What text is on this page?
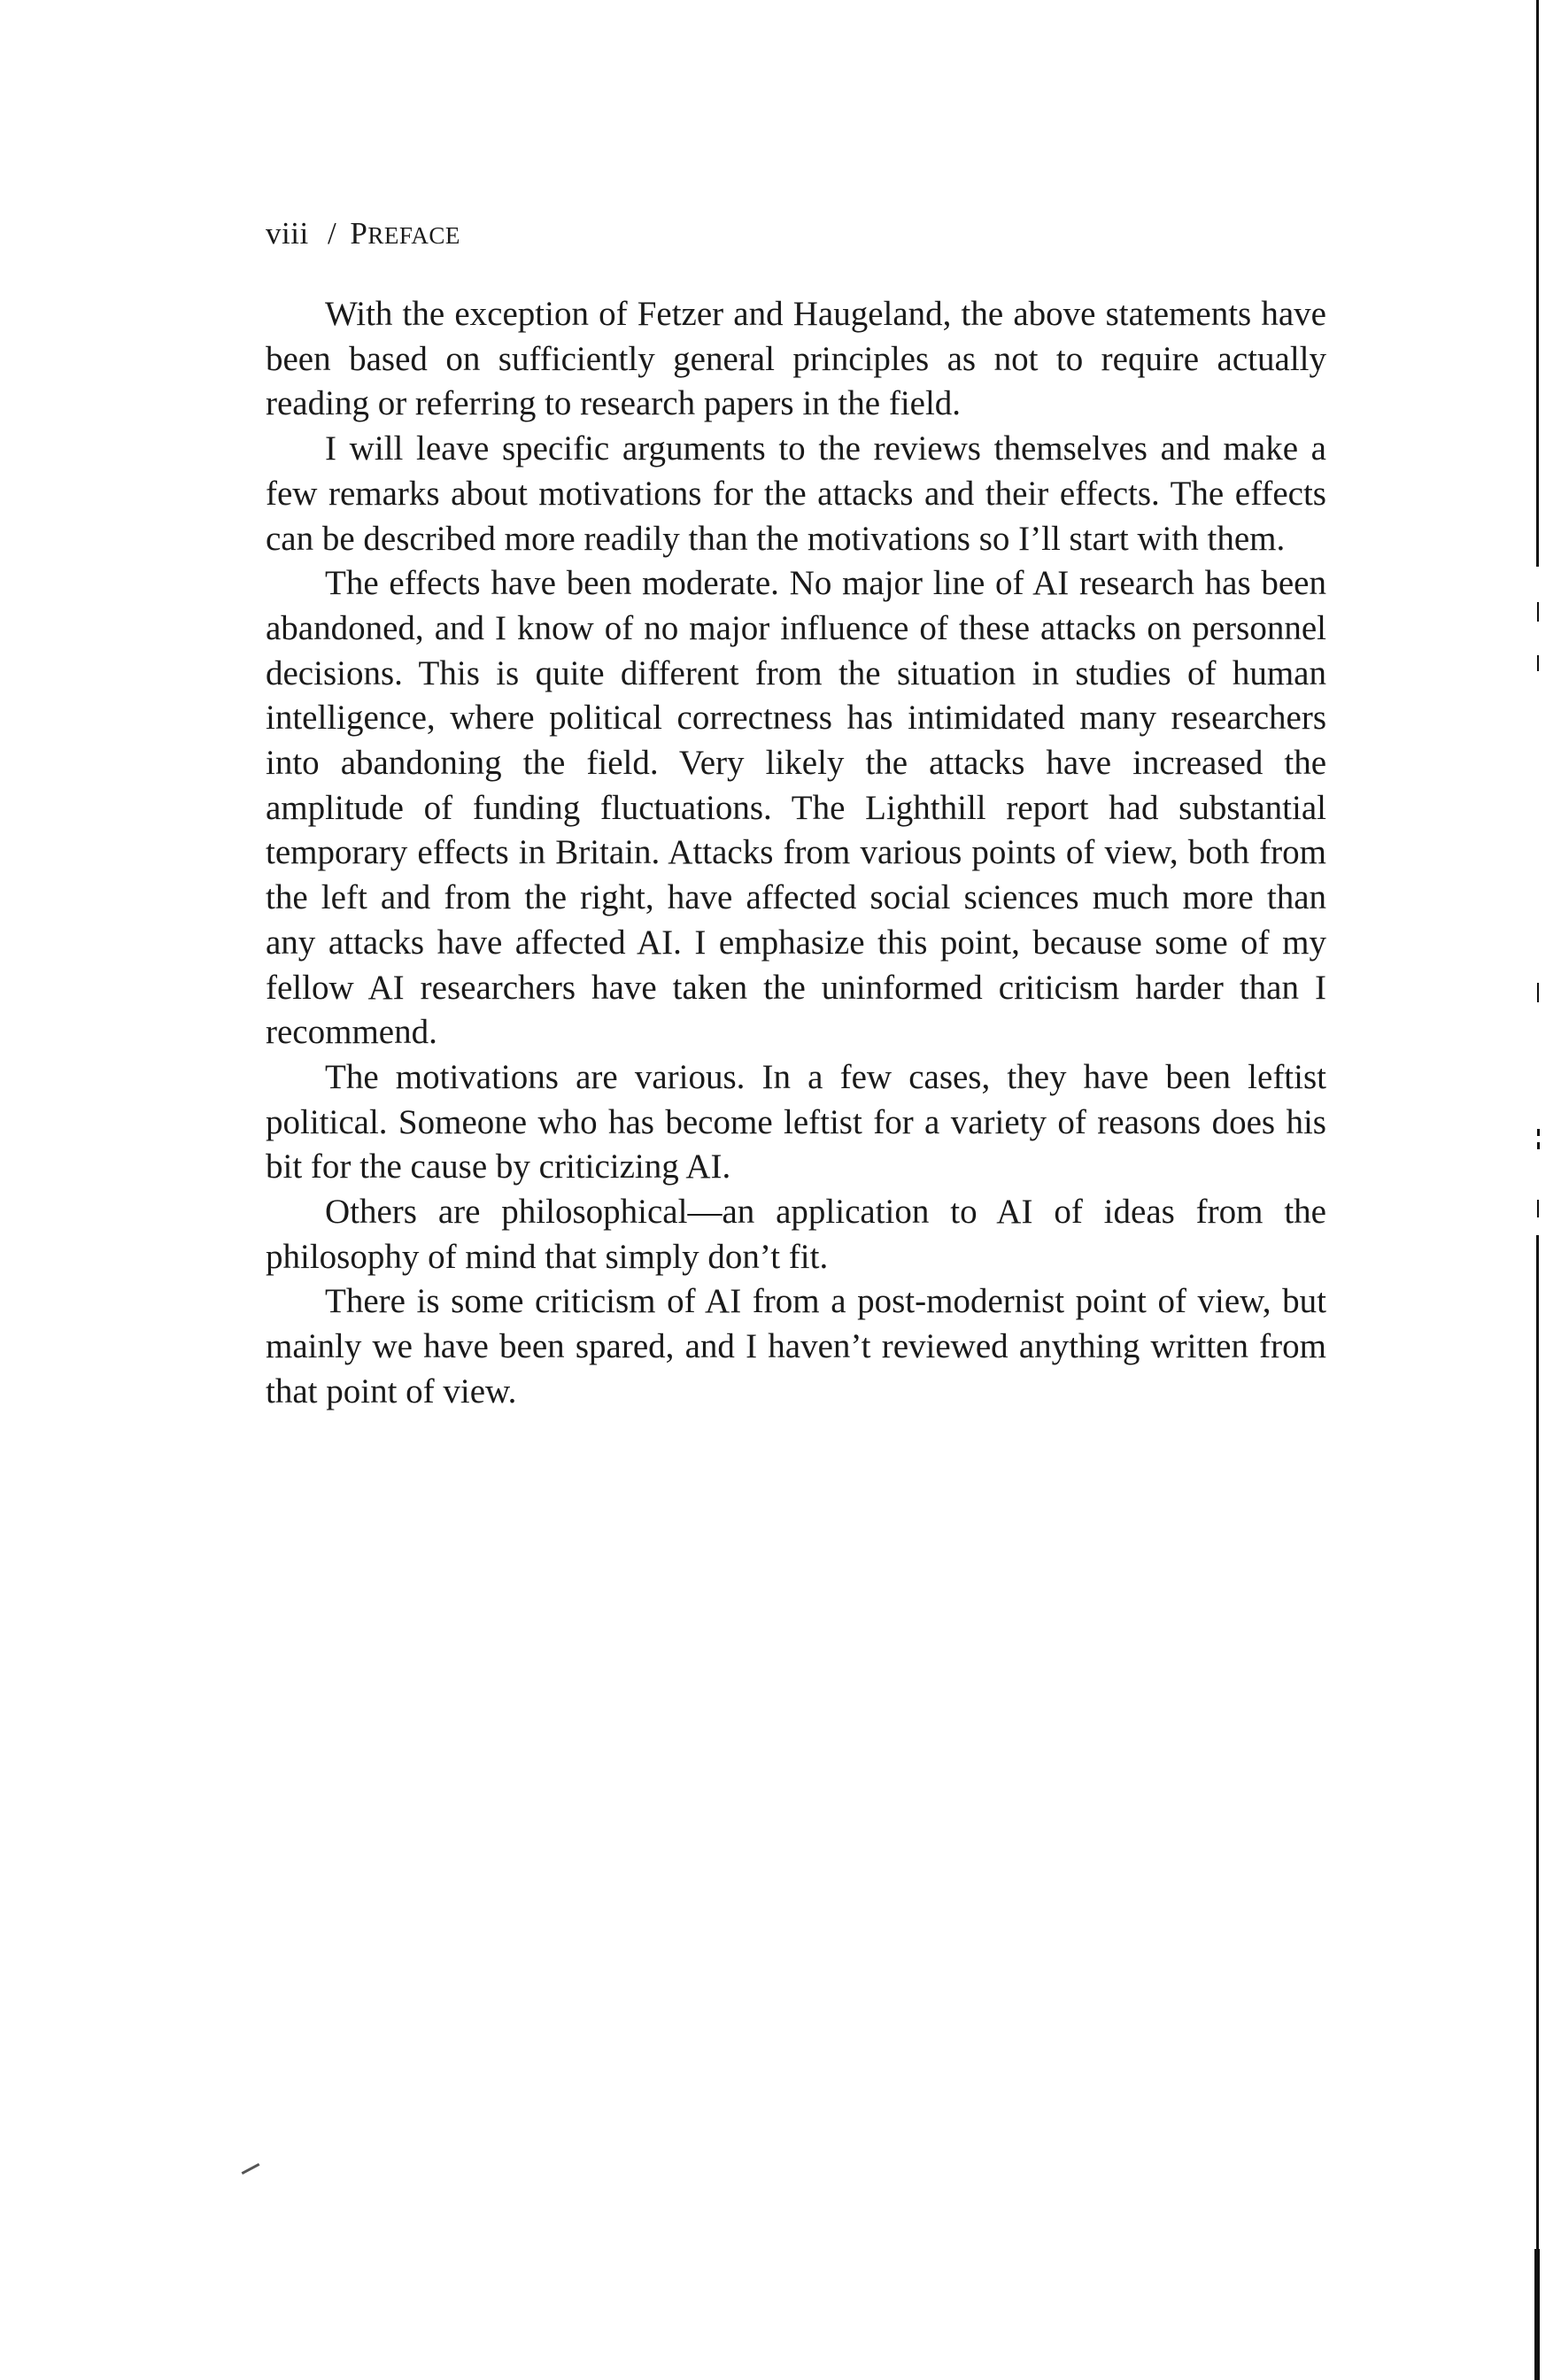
viii / PREFACE

With the exception of Fetzer and Haugeland, the above statements have been based on sufficiently general principles as not to require actually reading or referring to research papers in the field.

I will leave specific arguments to the reviews themselves and make a few remarks about motivations for the attacks and their effects. The effects can be described more readily than the motivations so I’ll start with them.

The effects have been moderate. No major line of AI research has been abandoned, and I know of no major influence of these attacks on personnel decisions. This is quite different from the situation in studies of human intelligence, where political correctness has intimidated many researchers into abandoning the field. Very likely the attacks have increased the amplitude of funding fluctuations. The Lighthill report had substantial temporary effects in Britain. Attacks from various points of view, both from the left and from the right, have affected social sciences much more than any attacks have affected AI. I emphasize this point, because some of my fellow AI researchers have taken the uninformed criticism harder than I recommend.

The motivations are various. In a few cases, they have been leftist political. Someone who has become leftist for a variety of reasons does his bit for the cause by criticizing AI.

Others are philosophical—an application to AI of ideas from the philosophy of mind that simply don’t fit.

There is some criticism of AI from a post-modernist point of view, but mainly we have been spared, and I haven’t reviewed anything written from that point of view.
